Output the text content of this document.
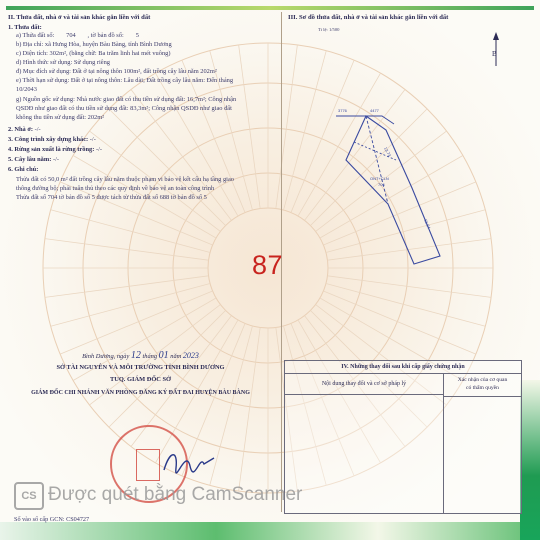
II. Thửa đất, nhà ở và tài sản khác gắn liền với đất
1. Thửa đất:
a) Thửa đất số: 704 , tờ bản đồ số: 5
b) Địa chỉ: xã Hưng Hòa, huyện Bàu Bàng, tỉnh Bình Dương
c) Diện tích: 302m², (bằng chữ: Ba trăm linh hai mét vuông)
d) Hình thức sử dụng: Sử dụng riêng
đ) Mục đích sử dụng: Đất ở tại nông thôn 100m², đất trồng cây lâu năm 202m²
e) Thời hạn sử dụng: Đất ở tại nông thôn: Lâu dài; Đất trồng cây lâu năm: Đến tháng
10/2043
g) Nguồn gốc sử dụng: Nhà nước giao đất có thu tiền sử dụng đất: 16,7m²; Công nhận
QSDĐ như giao đất có thu tiền sử dụng đất: 83,3m²; Công nhận QSDĐ như giao đất
không thu tiền sử dụng đất: 202m²
2. Nhà ở: -/-
3. Công trình xây dựng khác: -/-
4. Rừng sản xuất là rừng trồng: -/-
5. Cây lâu năm: -/-
6. Ghi chú:
Thửa đất có 50,0 m² đất trồng cây lâu năm thuộc phạm vi bảo vệ kết cấu hạ tầng giao
thông đường bộ; phải tuân thủ theo các quy định về bảo vệ an toàn công trình
Thửa đất số 704 tờ bản đồ số 5 được tách từ thửa đất số 688 tờ bản đồ số 5
Bình Dương, ngày 12 tháng 01 năm 2023
SỞ TÀI NGUYÊN VÀ MÔI TRƯỜNG TỈNH BÌNH DƯƠNG
TUQ. GIÁM ĐỐC SỞ
GIÁM ĐỐC CHI NHÁNH VĂN PHÒNG ĐĂNG KÝ ĐẤT ĐAI HUYỆN BÀU BÀNG
87
III. Sơ đồ thửa đất, nhà ở và tài sản khác gắn liền với đất
Tỉ lệ: 1/500
B
3776	4477
13.73
ONT+CLN
704
51.64
IV. Những thay đổi sau khi cấp giấy chứng nhận
Nội dung thay đổi và cơ sở pháp lý
Xác nhận của cơ quan
có thẩm quyền
CS Được quét bằng CamScanner
Số vào sổ cấp GCN: CS04727
